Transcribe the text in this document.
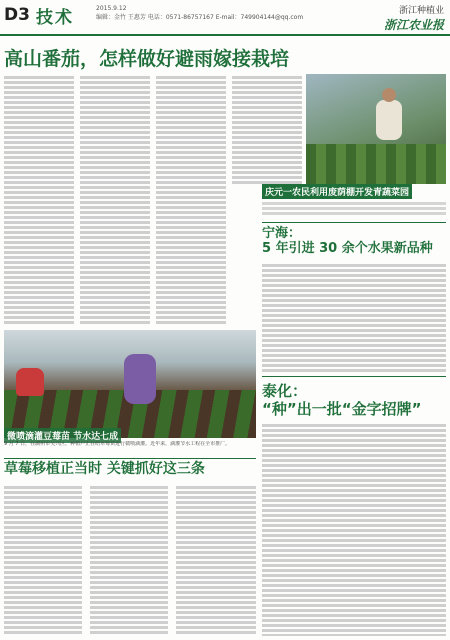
D3 技术	2015.9.12
编辑：金竹 王惠芳 电话：0571-86757167 E-mail：749904144@qq.com
浙江种植业
浙江农业报
高山番茄，怎样做好避雨嫁接栽培
庆元一农民利用废荫棚开发青蔬菜园
宁海：
5 年引进 30 余个水果新品种
微喷滴灌豆莓苗 节水达七成
9 月 7 日，在湖州市吴兴区，种植户正在给草莓苗进行微喷滴灌。近年来，滴灌节水工程在全市推广。
泰化：
“种”出一批“金字招牌”
草莓移植正当时 关键抓好这三条
